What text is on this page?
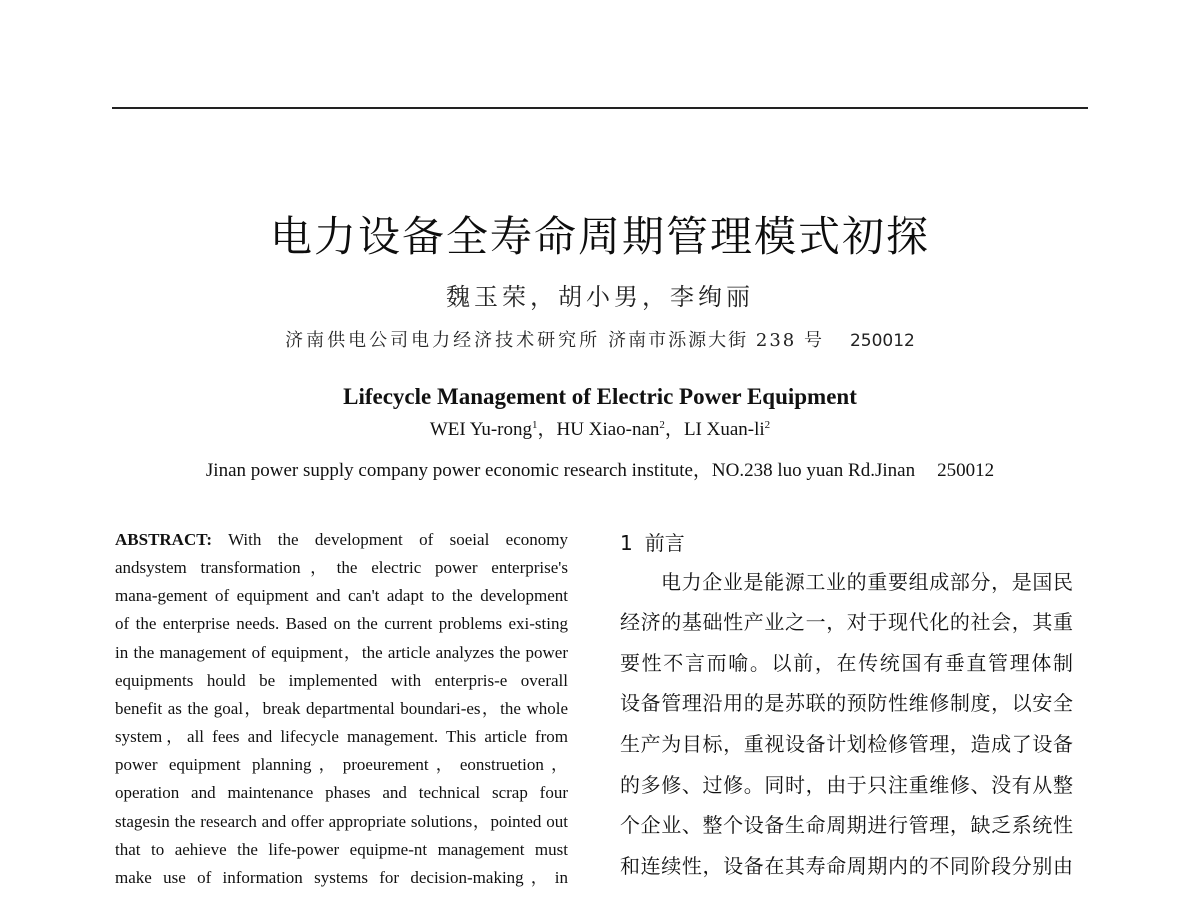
电力设备全寿命周期管理模式初探
魏玉荣，胡小男，李绚丽
济南供电公司电力经济技术研究所 济南市泺源大街 238 号 250012
Lifecycle Management of Electric Power Equipment
WEI Yu-rong$^1$，HU Xiao-nan$^2$，LI Xuan-$li^2$
Jinan power supply company power economic research institute，NO.238 luo yuan Rd.Jinan 250012
ABSTRACT: With the development of soeial economy
andsystem transformation，the electric power enterprise's
mana-gement of equipment and can't adapt to the development
of the enterprise needs. Based on the current problems exi-sting
in the management of equipment，the article analyzes the power
equipments hould be implemented with enterpris-e overall
benefit as the goal，break departmental boundari-es，the whole
system，all fees and lifecycle management. This article from
power equipment planning，proeurement，eonstruetion，
operation and maintenance phases and technical scrap four
stagesin the research and offer appropriate solutions，pointed out
that to aehieve the life-power equipme-nt management must
make use of information systems for decision-making，in
1 前言
电力企业是能源工业的重要组成部分，是国民
经济的基础性产业之一，对于现代化的社会，其重
要性不言而喻。以前，在传统国有垂直管理体制
设备管理沿用的是苏联的预防性维修制度，以安全
生产为目标，重视设备计划检修管理，造成了设备
的多修、过修。同时，由于只注重维修、没有从整
个企业、整个设备生命周期进行管理，缺乏系统性
和连续性，设备在其寿命周期内的不同阶段分别由
